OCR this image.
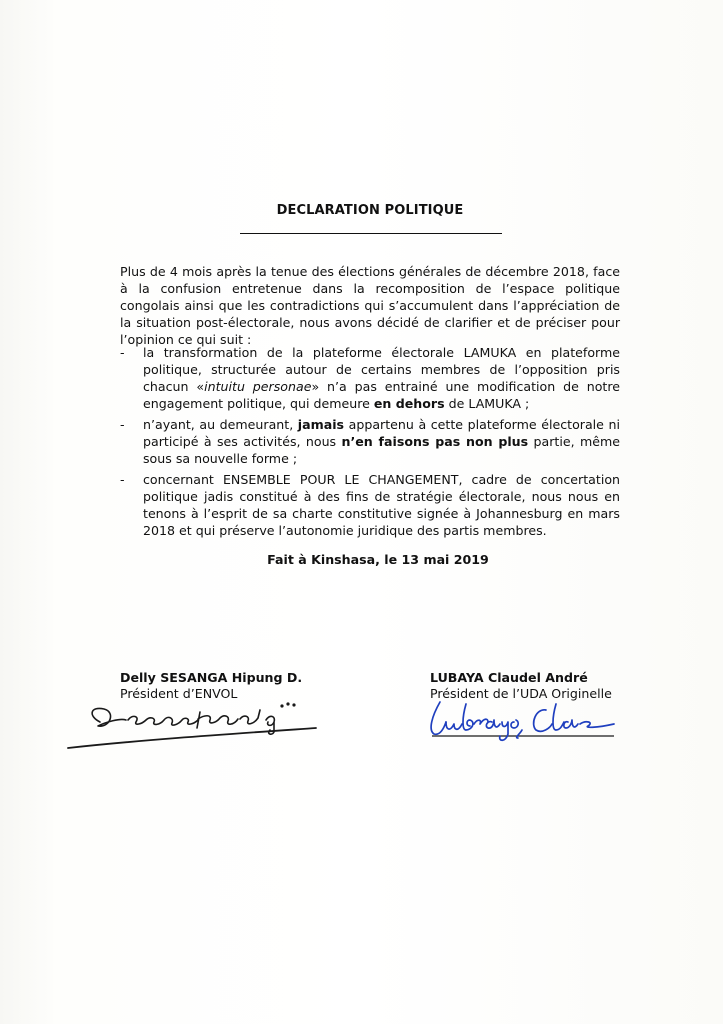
DECLARATION POLITIQUE
Plus de 4 mois après la tenue des élections générales de décembre 2018, face à la confusion entretenue dans la recomposition de l’espace politique congolais ainsi que les contradictions qui s’accumulent dans l’appréciation de la situation post-électorale, nous avons décidé de clarifier et de préciser pour l’opinion ce qui suit :
- la transformation de la plateforme électorale LAMUKA en plateforme politique, structurée autour de certains membres de l’opposition pris chacun «intuitu personae» n’a pas entrainé une modification de notre engagement politique, qui demeure en dehors de LAMUKA ;
- n’ayant, au demeurant, jamais appartenu à cette plateforme électorale ni participé à ses activités, nous n’en faisons pas non plus partie, même sous sa nouvelle forme ;
- concernant ENSEMBLE POUR LE CHANGEMENT, cadre de concertation politique jadis constitué à des fins de stratégie électorale, nous nous en tenons à l’esprit de sa charte constitutive signée à Johannesburg en mars 2018 et qui préserve l’autonomie juridique des partis membres.
Fait à Kinshasa, le 13 mai 2019
Delly SESANGA Hipung D.
Président d’ENVOL
LUBAYA Claudel André
Président de l’UDA Originelle
